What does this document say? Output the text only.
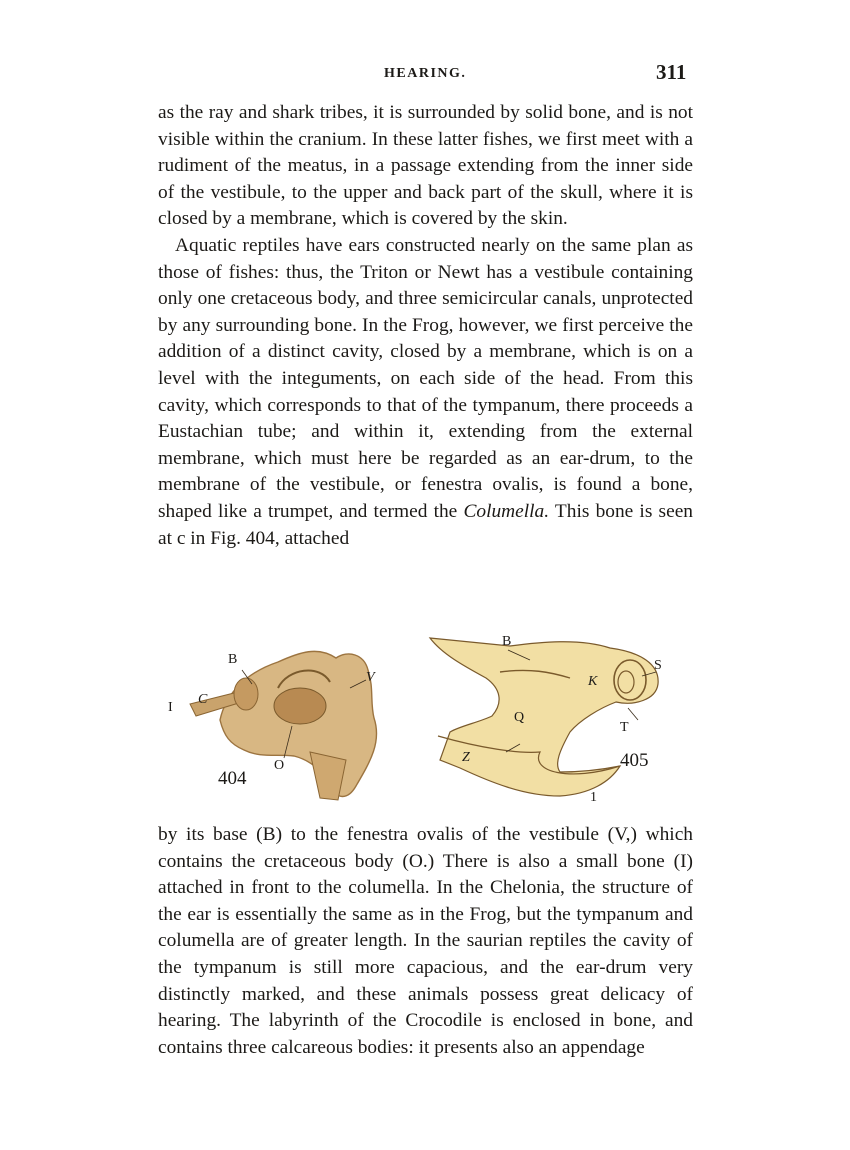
HEARING.	311

as the ray and shark tribes, it is surrounded by solid bone, and is not visible within the cranium. In these latter fishes, we first meet with a rudiment of the meatus, in a passage extending from the inner side of the vestibule, to the upper and back part of the skull, where it is closed by a membrane, which is covered by the skin.

Aquatic reptiles have ears constructed nearly on the same plan as those of fishes: thus, the Triton or Newt has a vestibule containing only one cretaceous body, and three semicircular canals, unprotected by any surrounding bone. In the Frog, however, we first perceive the addition of a distinct cavity, closed by a membrane, which is on a level with the integuments, on each side of the head. From this cavity, which corresponds to that of the tympanum, there proceeds a Eustachian tube; and within it, extending from the external membrane, which must here be regarded as an ear-drum, to the membrane of the vestibule, or fenestra ovalis, is found a bone, shaped like a trumpet, and termed the Columella. This bone is seen at c in Fig. 404, attached

B
V
I
C
O
404
B
S
K
Q
T
Z
1
405

by its base (B) to the fenestra ovalis of the vestibule (V,) which contains the cretaceous body (O.) There is also a small bone (I) attached in front to the columella. In the Chelonia, the structure of the ear is essentially the same as in the Frog, but the tympanum and columella are of greater length. In the saurian reptiles the cavity of the tympanum is still more capacious, and the ear-drum very distinctly marked, and these animals possess great delicacy of hearing. The labyrinth of the Crocodile is enclosed in bone, and contains three calcareous bodies: it presents also an appendage
